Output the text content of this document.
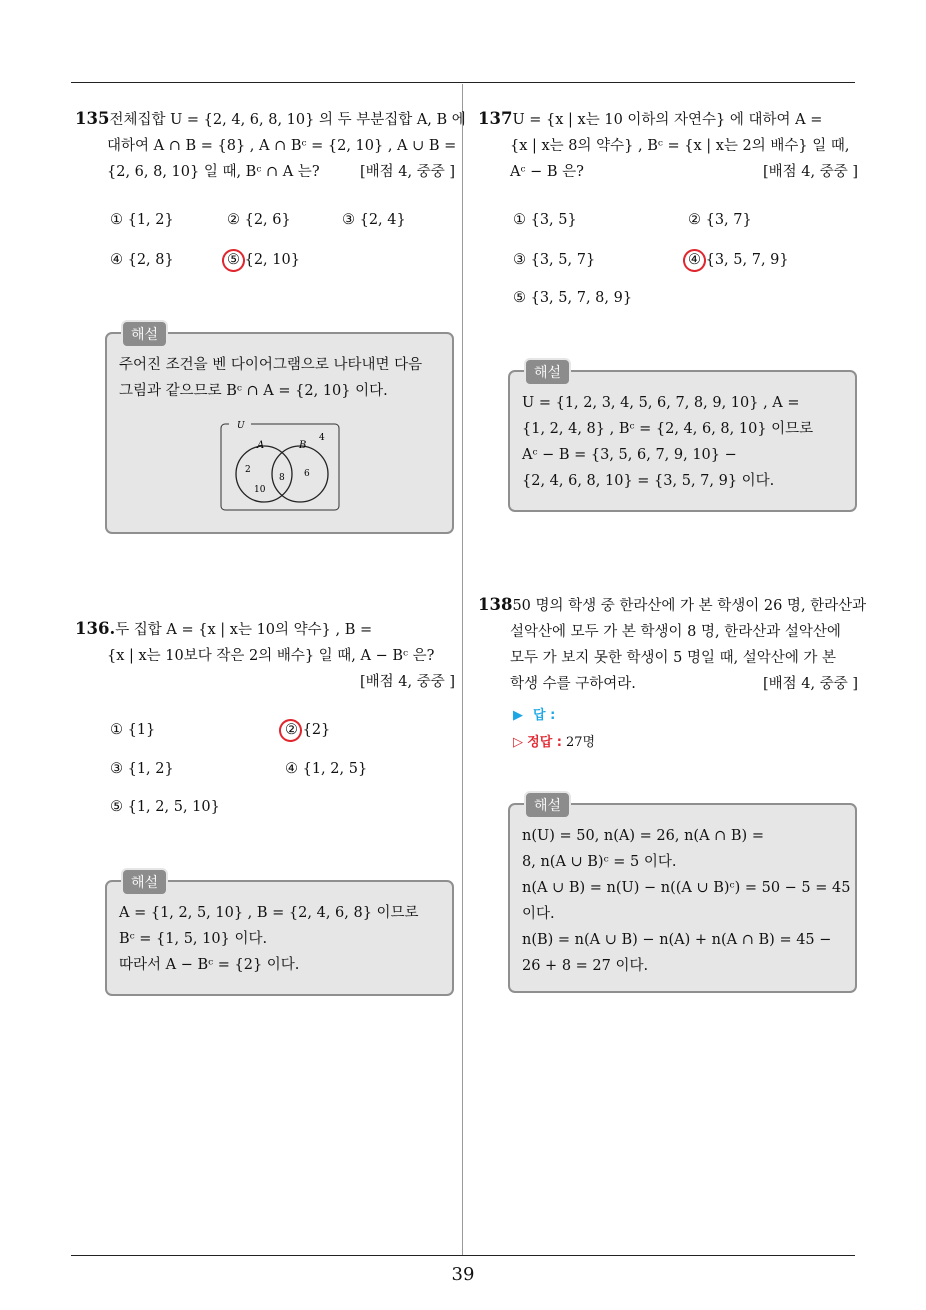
39
135전체집합 U = {2, 4, 6, 8, 10} 의 두 부분집합 A, B 에
대하여 A ∩ B = {8} , A ∩ Bᶜ = {2, 10} , A ∪ B =
{2, 6, 8, 10} 일 때, Bᶜ ∩ A 는?	[배점 4, 중중 ]
① {1, 2}	② {2, 6}	③ {2, 4}
④ {2, 8}	⑤ {2, 10}
해설
주어진 조건을 벤 다이어그램으로 나타내면 다음
그림과 같으므로 Bᶜ ∩ A = {2, 10} 이다.
U
A	B
4
2
10
8 6
136.두 집합 A = {x | x는 10의 약수} , B =
{x | x는 10보다 작은 2의 배수} 일 때, A − Bᶜ 은?
[배점 4, 중중 ]
① {1}	② {2}
③ {1, 2}	④ {1, 2, 5}
⑤ {1, 2, 5, 10}
해설
A = {1, 2, 5, 10} , B = {2, 4, 6, 8} 이므로
Bᶜ = {1, 5, 10} 이다.
따라서 A − Bᶜ = {2} 이다.
137U = {x | x는 10 이하의 자연수} 에 대하여 A =
{x | x는 8의 약수} , Bᶜ = {x | x는 2의 배수} 일 때,
Aᶜ − B 은?	[배점 4, 중중 ]
① {3, 5}	② {3, 7}
③ {3, 5, 7}	④ {3, 5, 7, 9}
⑤ {3, 5, 7, 8, 9}
해설
U = {1, 2, 3, 4, 5, 6, 7, 8, 9, 10} , A =
{1, 2, 4, 8} , Bᶜ = {2, 4, 6, 8, 10} 이므로
Aᶜ − B = {3, 5, 6, 7, 9, 10} −
{2, 4, 6, 8, 10} = {3, 5, 7, 9} 이다.
13850 명의 학생 중 한라산에 가 본 학생이 26 명, 한라산과
설악산에 모두 가 본 학생이 8 명, 한라산과 설악산에
모두 가 보지 못한 학생이 5 명일 때, 설악산에 가 본
학생 수를 구하여라.	[배점 4, 중중 ]
▶ 답 :
▷ 정답 : 27명
해설
n(U) = 50, n(A) = 26, n(A ∩ B) =
8, n(A ∪ B)ᶜ = 5 이다.
n(A ∪ B) = n(U) − n((A ∪ B)ᶜ) = 50 − 5 = 45
이다.
n(B) = n(A ∪ B) − n(A) + n(A ∩ B) = 45 −
26 + 8 = 27 이다.
